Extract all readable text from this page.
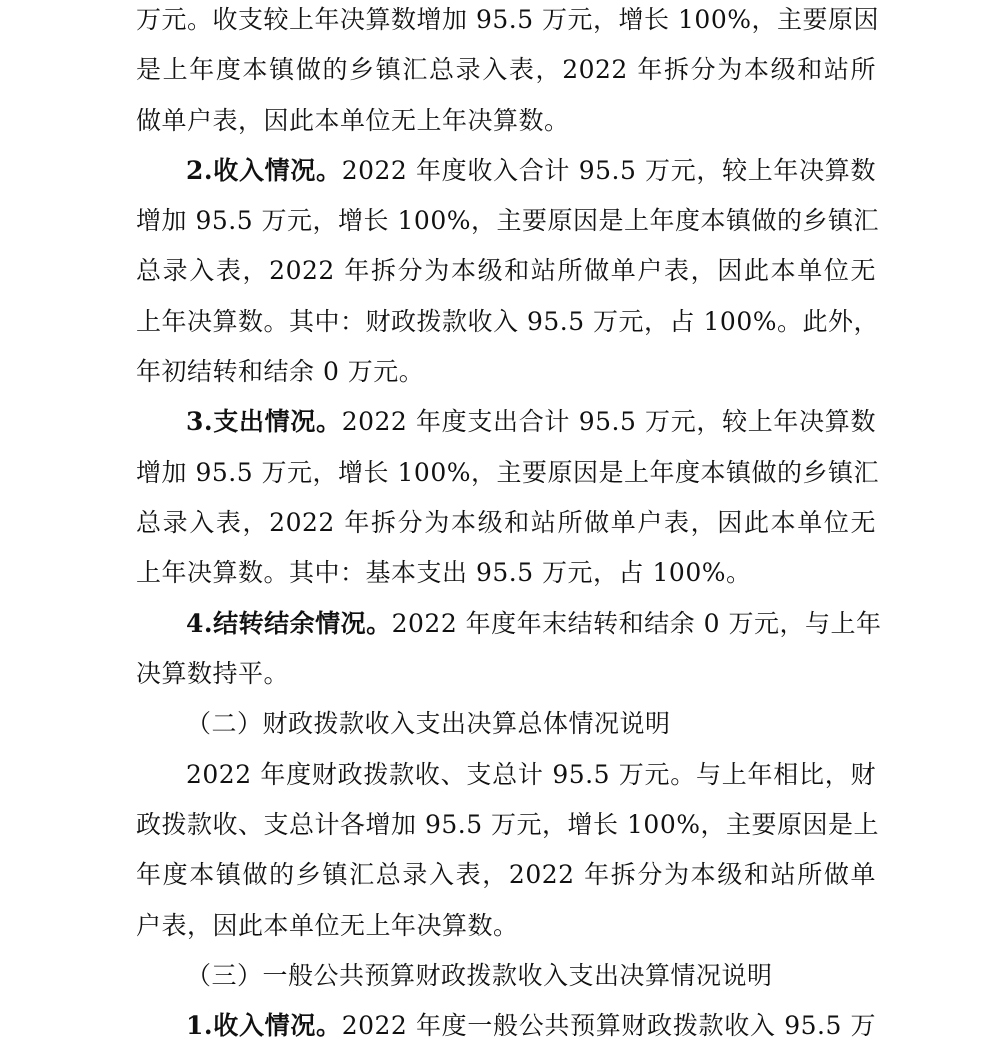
万元。收支较上年决算数增加 95.5 万元，增长 100%，主要原因
是上年度本镇做的乡镇汇总录入表，2022 年拆分为本级和站所
做单户表，因此本单位无上年决算数。
2.收入情况。2022 年度收入合计 95.5 万元，较上年决算数
增加 95.5 万元，增长 100%，主要原因是上年度本镇做的乡镇汇
总录入表，2022 年拆分为本级和站所做单户表，因此本单位无
上年决算数。其中：财政拨款收入 95.5 万元，占 100%。此外，
年初结转和结余 0 万元。
3.支出情况。2022 年度支出合计 95.5 万元，较上年决算数
增加 95.5 万元，增长 100%，主要原因是上年度本镇做的乡镇汇
总录入表，2022 年拆分为本级和站所做单户表，因此本单位无
上年决算数。其中：基本支出 95.5 万元，占 100%。
4.结转结余情况。2022 年度年末结转和结余 0 万元，与上年
决算数持平。
（二）财政拨款收入支出决算总体情况说明
2022 年度财政拨款收、支总计 95.5 万元。与上年相比，财
政拨款收、支总计各增加 95.5 万元，增长 100%，主要原因是上
年度本镇做的乡镇汇总录入表，2022 年拆分为本级和站所做单
户表，因此本单位无上年决算数。
（三）一般公共预算财政拨款收入支出决算情况说明
1.收入情况。2022 年度一般公共预算财政拨款收入 95.5 万
